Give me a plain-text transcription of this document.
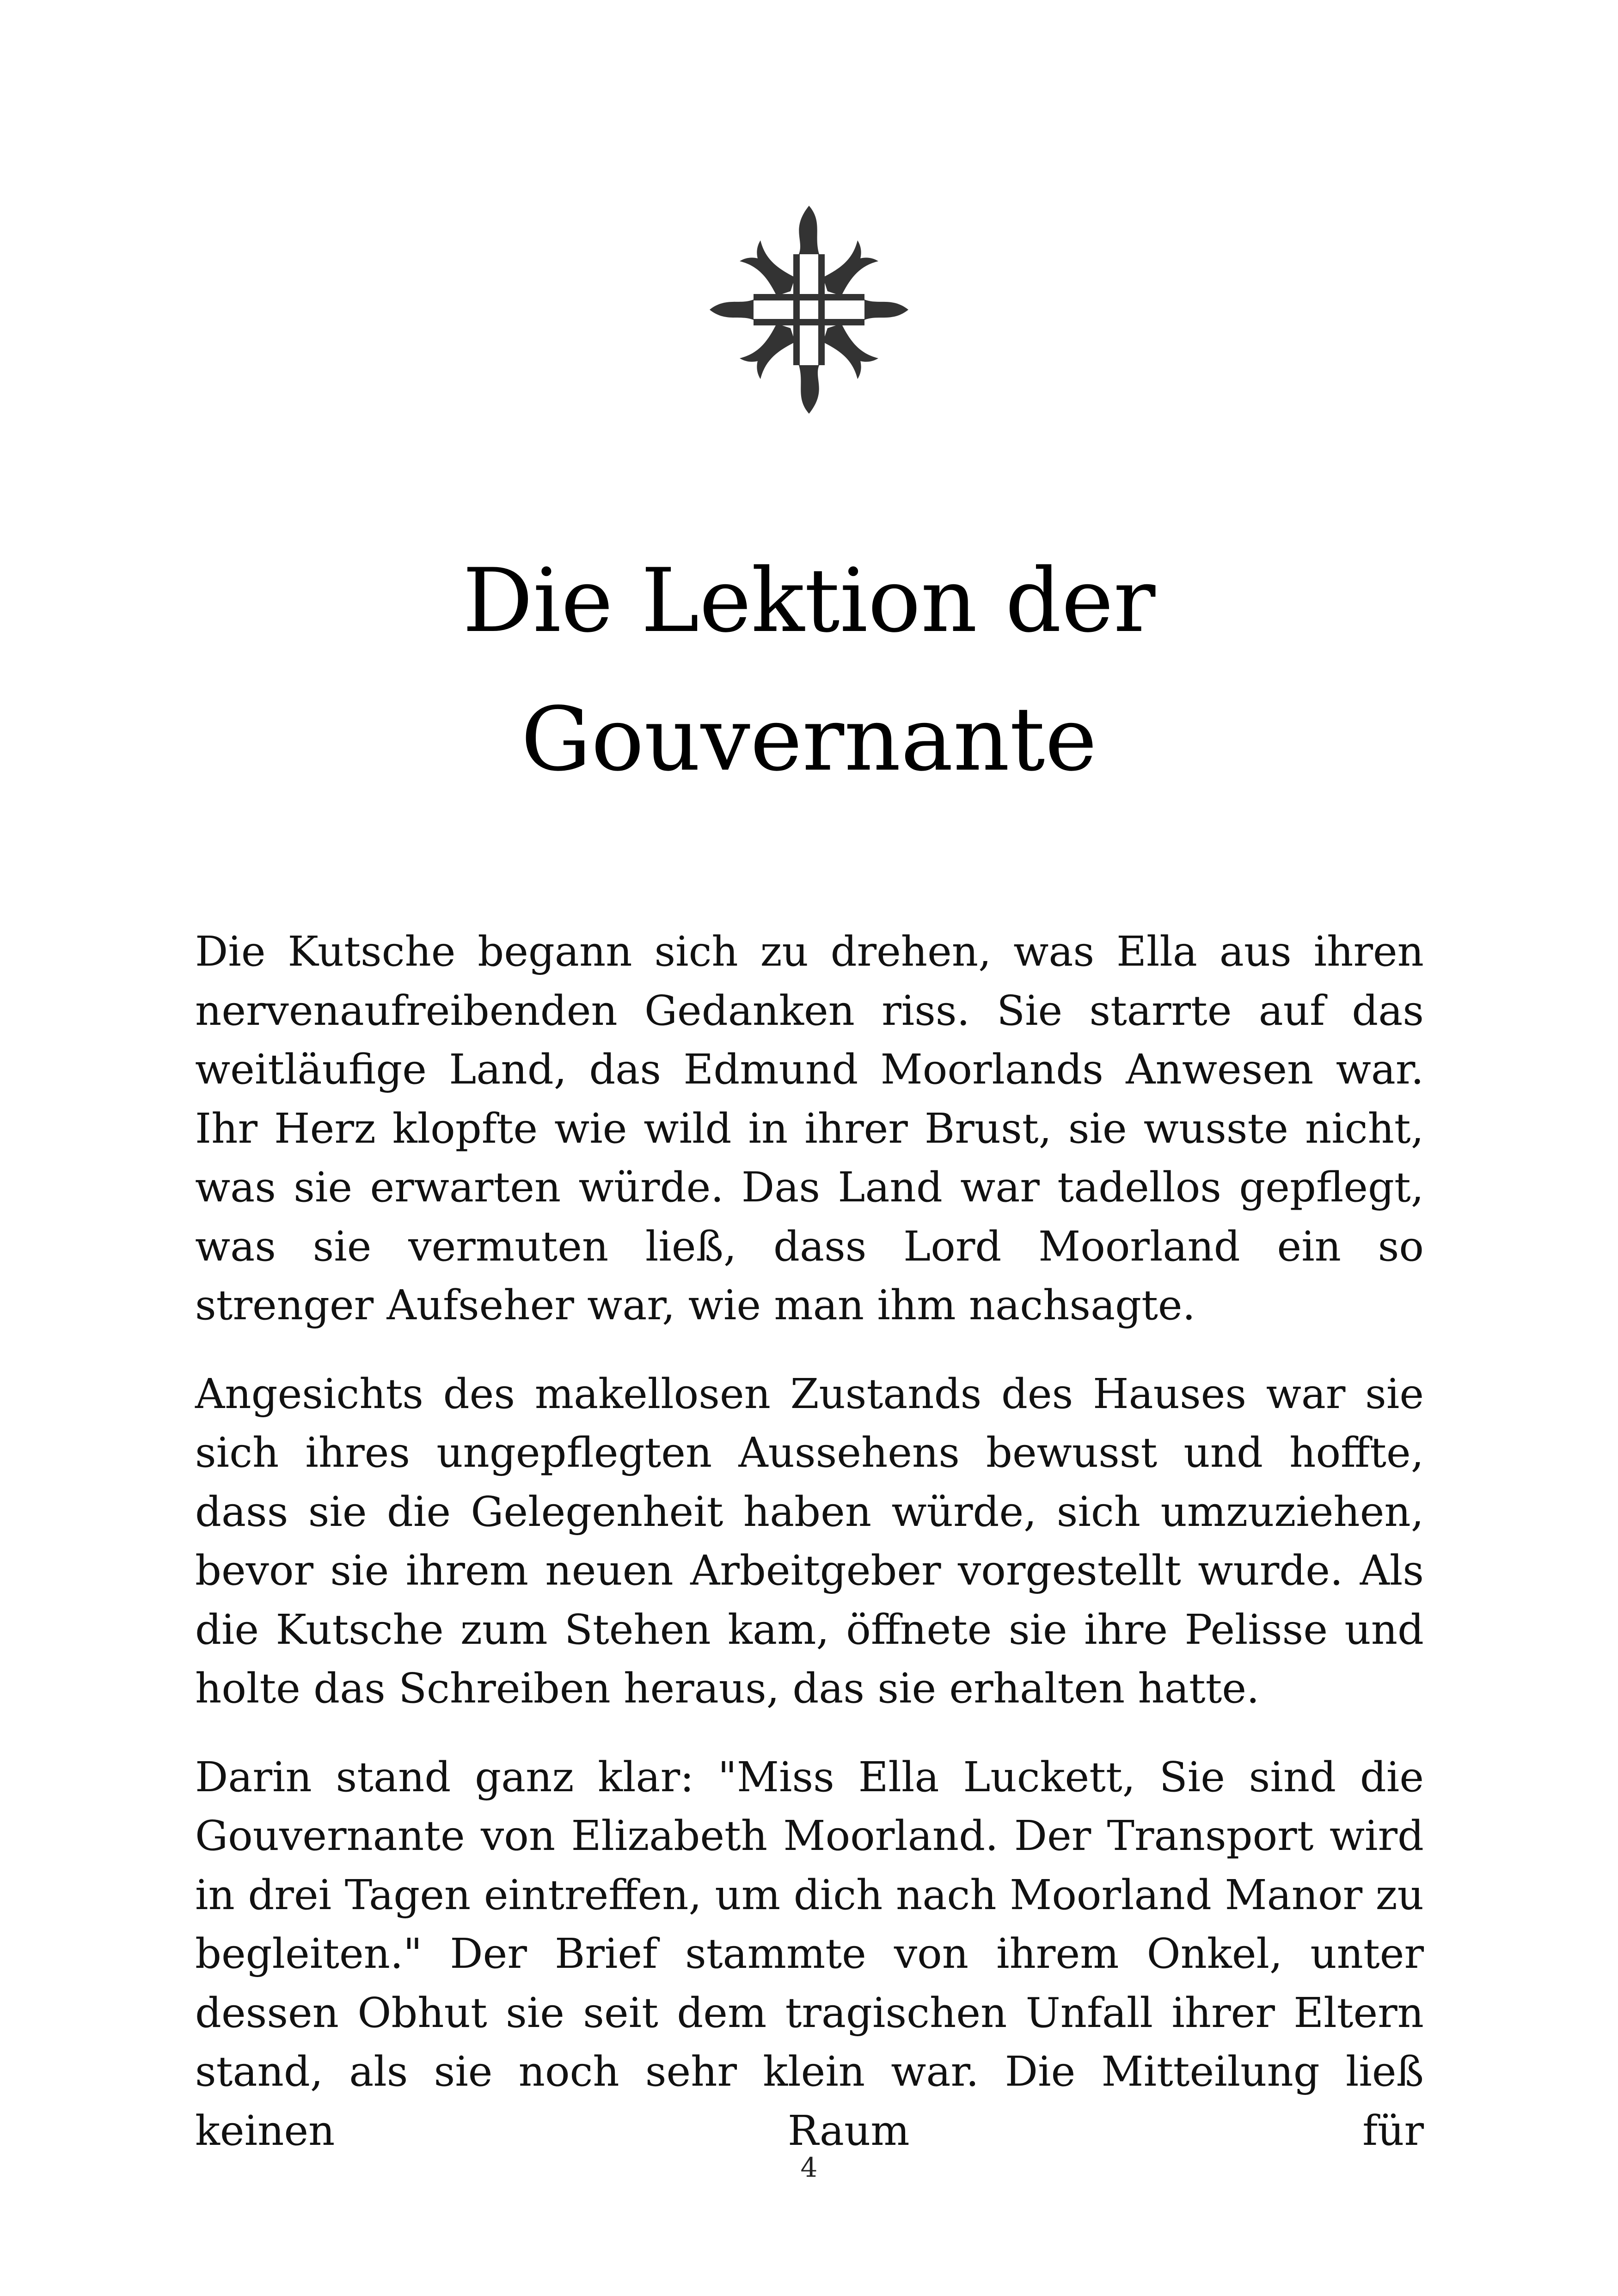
Die Lektion der
Gouvernante

Die Kutsche begann sich zu drehen, was Ella aus ihren nervenaufreibenden Gedanken riss. Sie starrte auf das weitläufige Land, das Edmund Moorlands Anwesen war. Ihr Herz klopfte wie wild in ihrer Brust, sie wusste nicht, was sie erwarten würde. Das Land war tadellos gepflegt, was sie vermuten ließ, dass Lord Moorland ein so strenger Aufseher war, wie man ihm nachsagte.

Angesichts des makellosen Zustands des Hauses war sie sich ihres ungepflegten Aussehens bewusst und hoffte, dass sie die Gelegenheit haben würde, sich umzuziehen, bevor sie ihrem neuen Arbeitgeber vorgestellt wurde. Als die Kutsche zum Stehen kam, öffnete sie ihre Pelisse und holte das Schreiben heraus, das sie erhalten hatte.

Darin stand ganz klar: "Miss Ella Luckett, Sie sind die Gouvernante von Elizabeth Moorland. Der Transport wird in drei Tagen eintreffen, um dich nach Moorland Manor zu begleiten." Der Brief stammte von ihrem Onkel, unter dessen Obhut sie seit dem tragischen Unfall ihrer Eltern stand, als sie noch sehr klein war. Die Mitteilung ließ keinen Raum für

4
